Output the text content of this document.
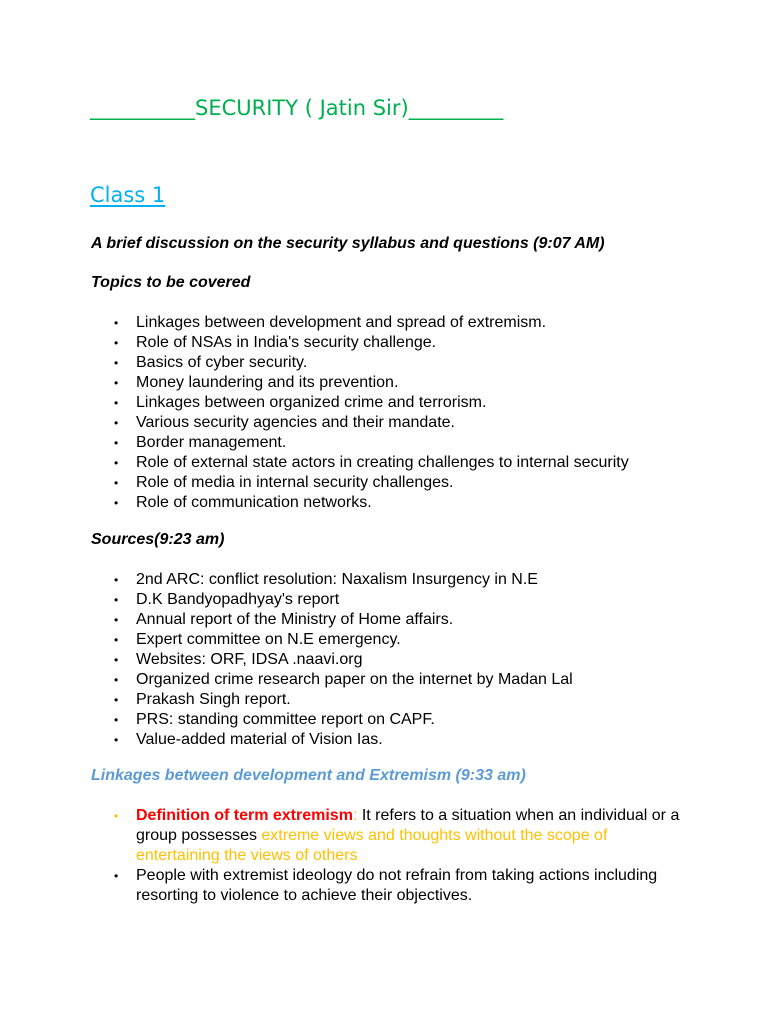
__________SECURITY ( Jatin Sir)_________
Class 1

A brief discussion on the security syllabus and questions (9:07 AM)

Topics to be covered

• Linkages between development and spread of extremism.
• Role of NSAs in India's security challenge.
• Basics of cyber security.
• Money laundering and its prevention.
• Linkages between organized crime and terrorism.
• Various security agencies and their mandate.
• Border management.
• Role of external state actors in creating challenges to internal security
• Role of media in internal security challenges.
• Role of communication networks.

Sources(9:23 am)

• 2nd ARC: conflict resolution: Naxalism Insurgency in N.E
• D.K Bandyopadhyay's report
• Annual report of the Ministry of Home affairs.
• Expert committee on N.E emergency.
• Websites: ORF, IDSA .naavi.org
• Organized crime research paper on the internet by Madan Lal
• Prakash Singh report.
• PRS: standing committee report on CAPF.
• Value-added material of Vision Ias.

Linkages between development and Extremism (9:33 am)

• Definition of term extremism: It refers to a situation when an individual or a group possesses extreme views and thoughts without the scope of entertaining the views of others
• People with extremist ideology do not refrain from taking actions including resorting to violence to achieve their objectives.
